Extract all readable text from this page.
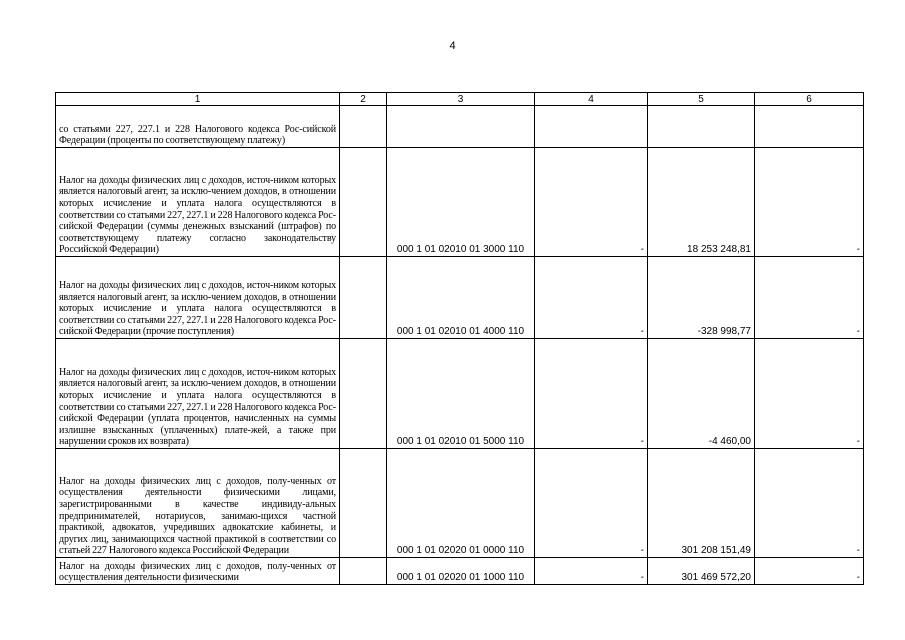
4
1	2	3	4	5	6
со статьями 227, 227.1 и 228 Налогового кодекса Рос-сийской Федерации (проценты по соответствующему платежу)					
Налог на доходы физических лиц с доходов, источ-ником которых является налоговый агент, за исклю-чением доходов, в отношении которых исчисление и уплата налога осуществляются в соответствии со статьями 227, 227.1 и 228 Налогового кодекса Рос-сийской Федерации (суммы денежных взысканий (штрафов) по соответствующему платежу согласно законодательству Российской Федерации)		000 1 01 02010 01 3000 110	-	18 253 248,81	-
Налог на доходы физических лиц с доходов, источ-ником которых является налоговый агент, за исклю-чением доходов, в отношении которых исчисление и уплата налога осуществляются в соответствии со статьями 227, 227.1 и 228 Налогового кодекса Рос-сийской Федерации (прочие поступления)		000 1 01 02010 01 4000 110	-	-328 998,77	-
Налог на доходы физических лиц с доходов, источ-ником которых является налоговый агент, за исклю-чением доходов, в отношении которых исчисление и уплата налога осуществляются в соответствии со статьями 227, 227.1 и 228 Налогового кодекса Рос-сийской Федерации (уплата процентов, начисленных на суммы излишне взысканных (уплаченных) плате-жей, а также при нарушении сроков их возврата)		000 1 01 02010 01 5000 110	-	-4 460,00	-
Налог на доходы физических лиц с доходов, полу-ченных от осуществления деятельности физическими лицами, зарегистрированными в качестве индивиду-альных предпринимателей, нотариусов, занимаю-щихся частной практикой, адвокатов, учредивших адвокатские кабинеты, и других лиц, занимающихся частной практикой в соответствии со статьей 227 Налогового кодекса Российской Федерации		000 1 01 02020 01 0000 110	-	301 208 151,49	-
Налог на доходы физических лиц с доходов, полу-ченных от осуществления деятельности физическими		000 1 01 02020 01 1000 110	-	301 469 572,20	-
